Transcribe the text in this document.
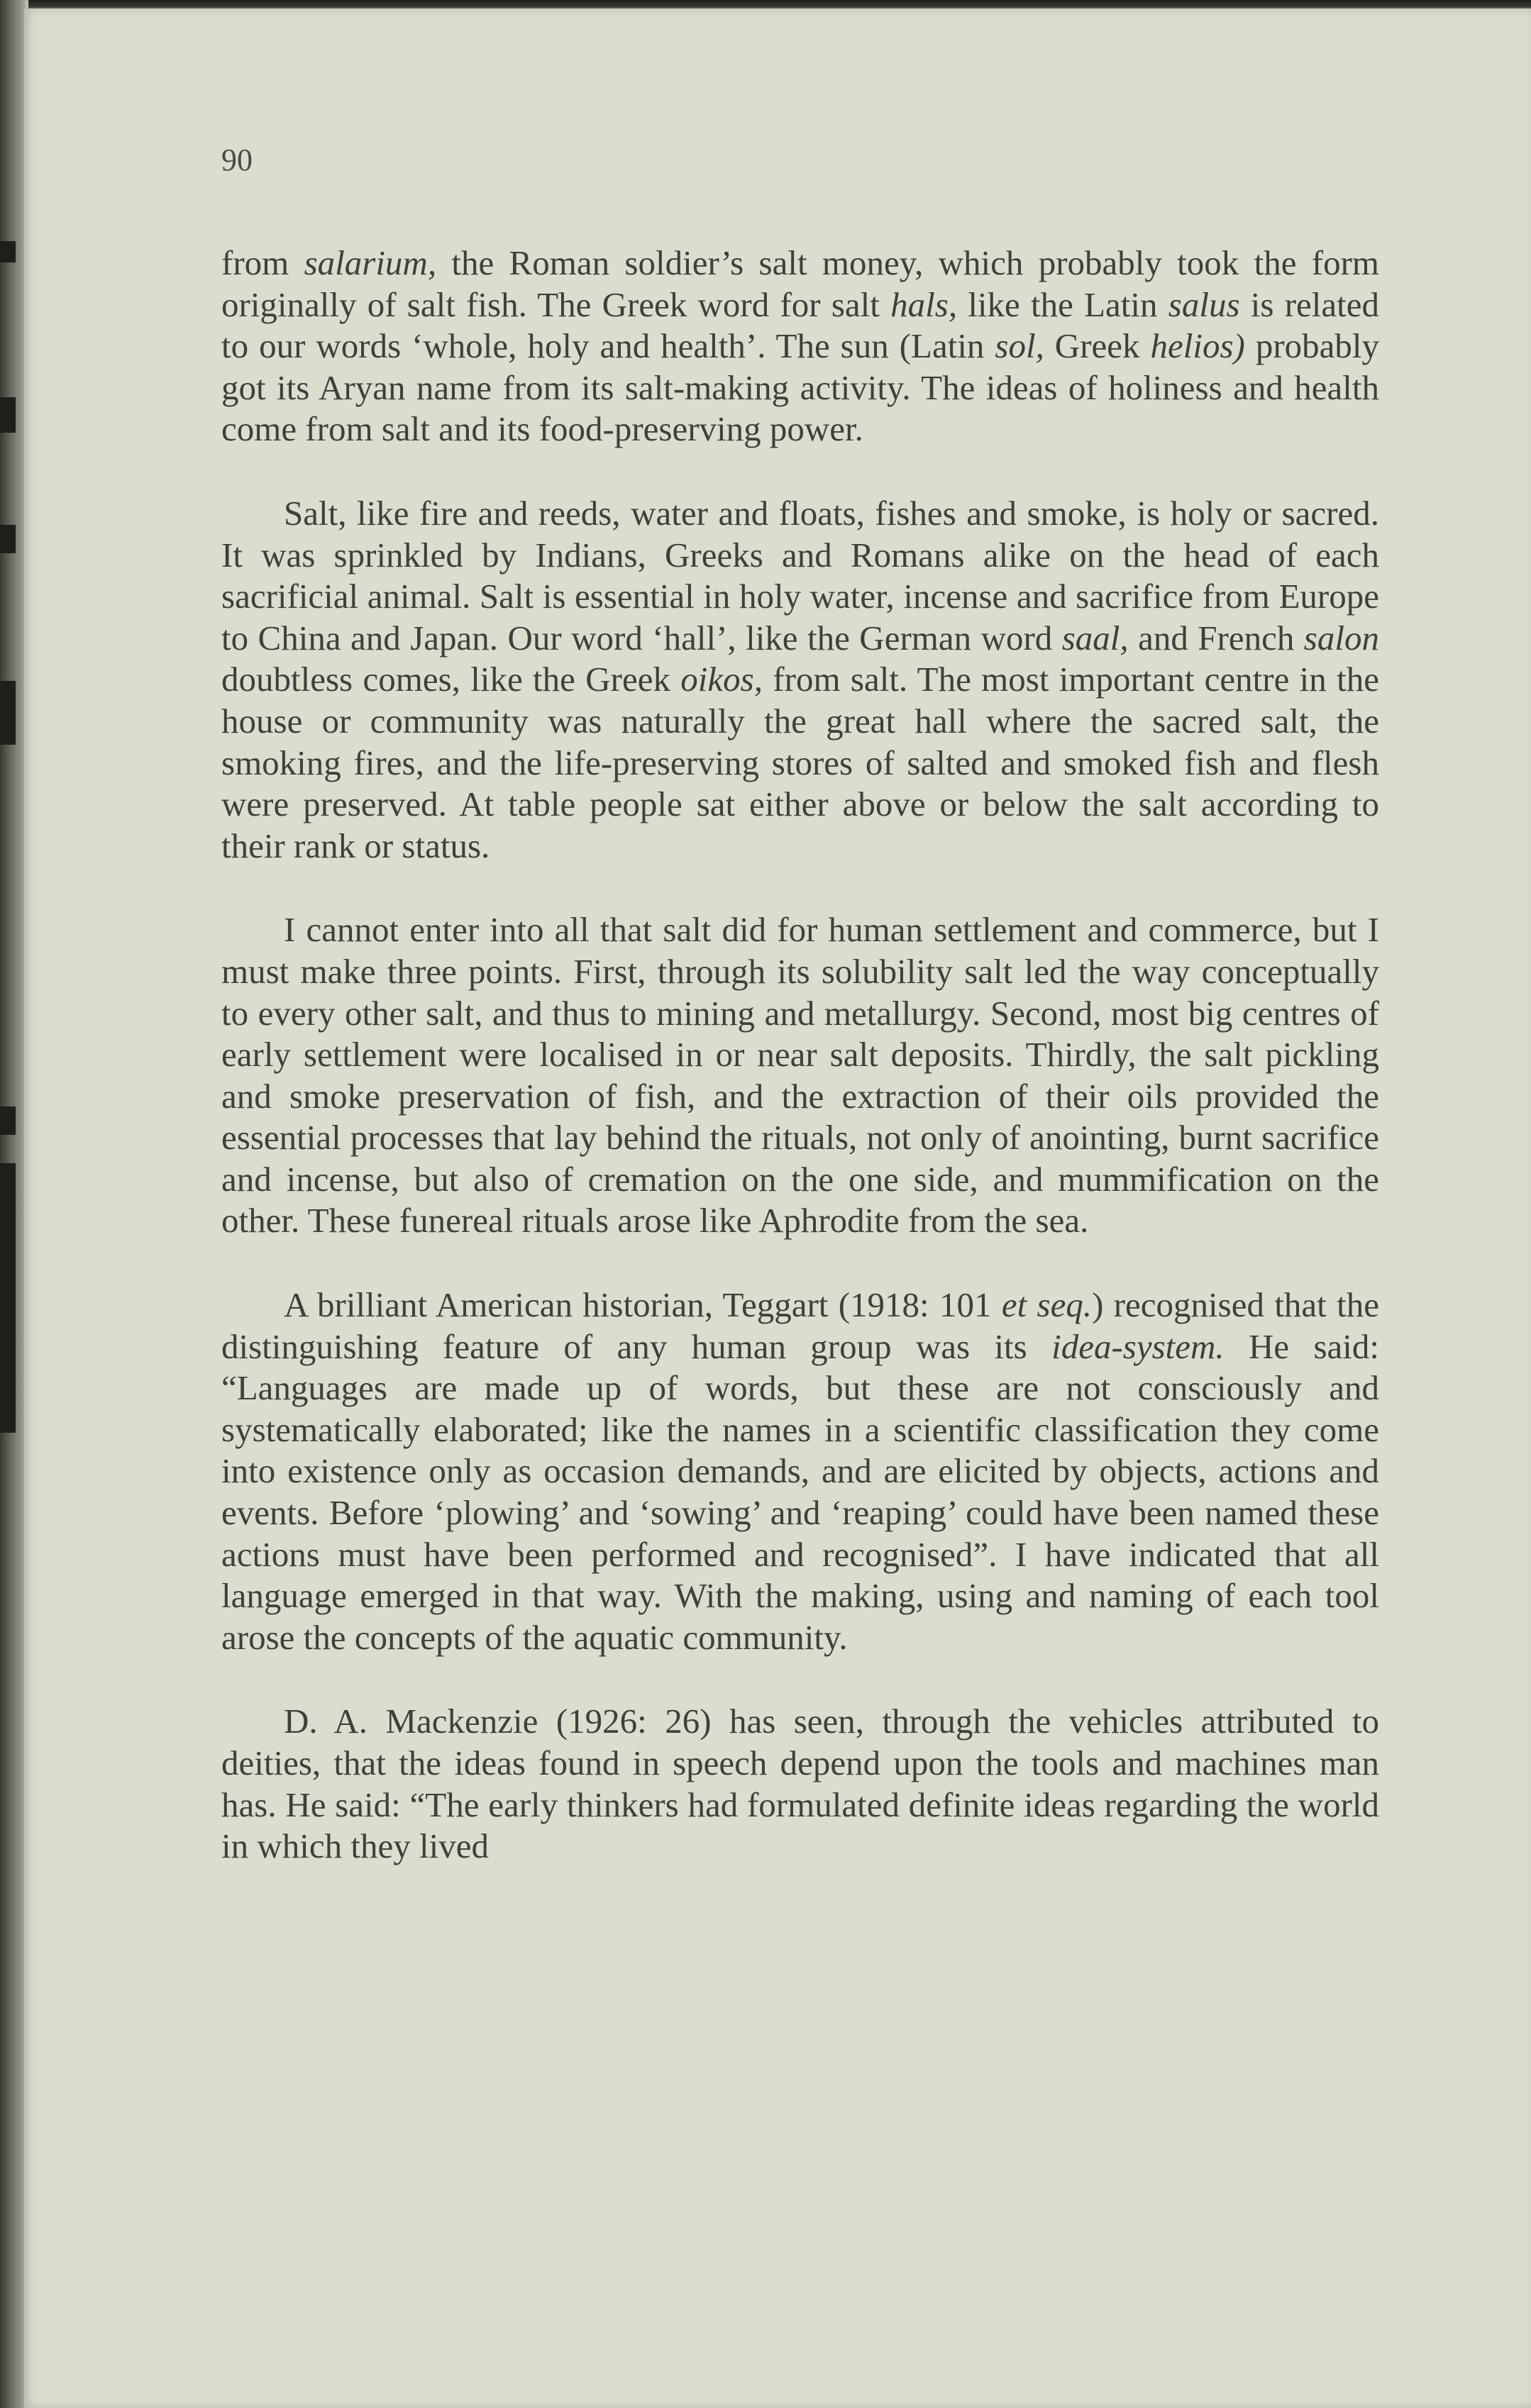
90

from salarium, the Roman soldier’s salt money, which probably took the form originally of salt fish. The Greek word for salt hals, like the Latin salus is related to our words ‘whole, holy and health’. The sun (Latin sol, Greek helios) probably got its Aryan name from its salt-making activity. The ideas of holiness and health come from salt and its food-preserving power.

Salt, like fire and reeds, water and floats, fishes and smoke, is holy or sacred. It was sprinkled by Indians, Greeks and Romans alike on the head of each sacrificial animal. Salt is essential in holy water, incense and sacrifice from Europe to China and Japan. Our word ‘hall’, like the German word saal, and French salon doubtless comes, like the Greek oikos, from salt. The most important centre in the house or community was naturally the great hall where the sacred salt, the smoking fires, and the life-preserving stores of salted and smoked fish and flesh were preserved. At table people sat either above or below the salt according to their rank or status.

I cannot enter into all that salt did for human settlement and commerce, but I must make three points. First, through its solubility salt led the way conceptually to every other salt, and thus to mining and metallurgy. Second, most big centres of early settlement were localised in or near salt deposits. Thirdly, the salt pickling and smoke preservation of fish, and the extraction of their oils provided the essential processes that lay behind the rituals, not only of anointing, burnt sacrifice and incense, but also of cremation on the one side, and mummification on the other. These funereal rituals arose like Aphrodite from the sea.

A brilliant American historian, Teggart (1918: 101 et seq.) recognised that the distinguishing feature of any human group was its idea-system. He said: “Languages are made up of words, but these are not consciously and systematically elaborated; like the names in a scientific classification they come into existence only as occasion demands, and are elicited by objects, actions and events. Before ‘plowing’ and ‘sowing’ and ‘reaping’ could have been named these actions must have been performed and recognised”. I have indicated that all language emerged in that way. With the making, using and naming of each tool arose the concepts of the aquatic community.

D. A. Mackenzie (1926: 26) has seen, through the vehicles attributed to deities, that the ideas found in speech depend upon the tools and machines man has. He said: “The early thinkers had formulated definite ideas regarding the world in which they lived
